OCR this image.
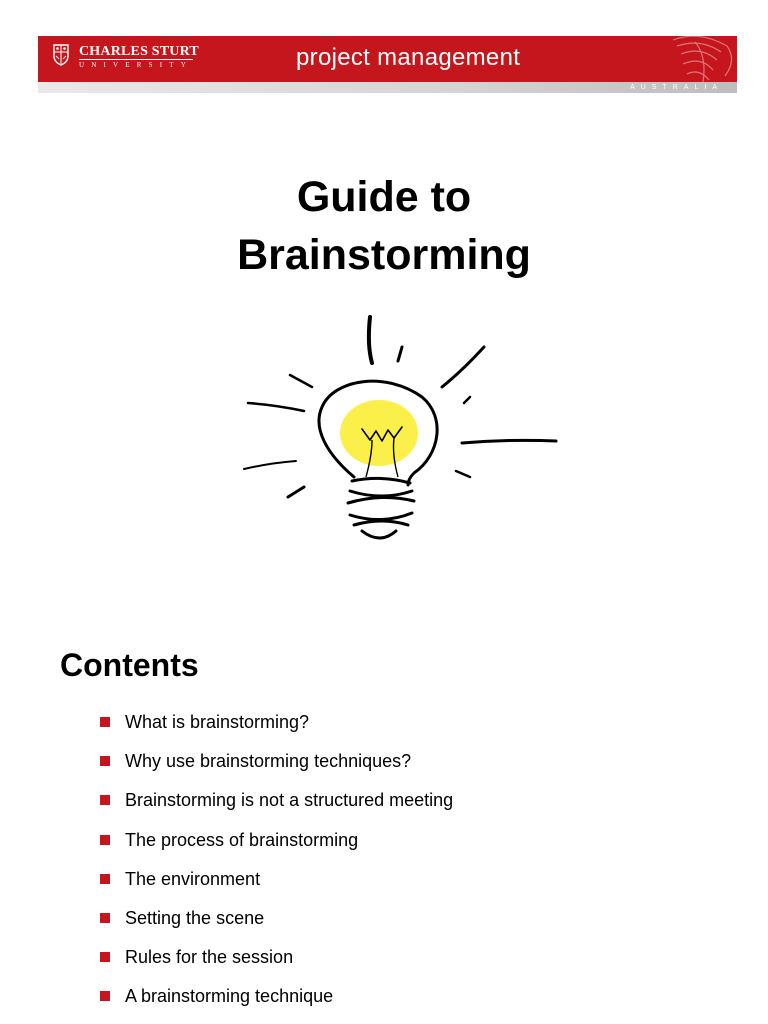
CHARLES STURT
UNIVERSITY	project management
AUSTRALIA
Guide to
Brainstorming
Contents
What is brainstorming?
Why use brainstorming techniques?
Brainstorming is not a structured meeting
The process of brainstorming
The environment
Setting the scene
Rules for the session
A brainstorming technique
